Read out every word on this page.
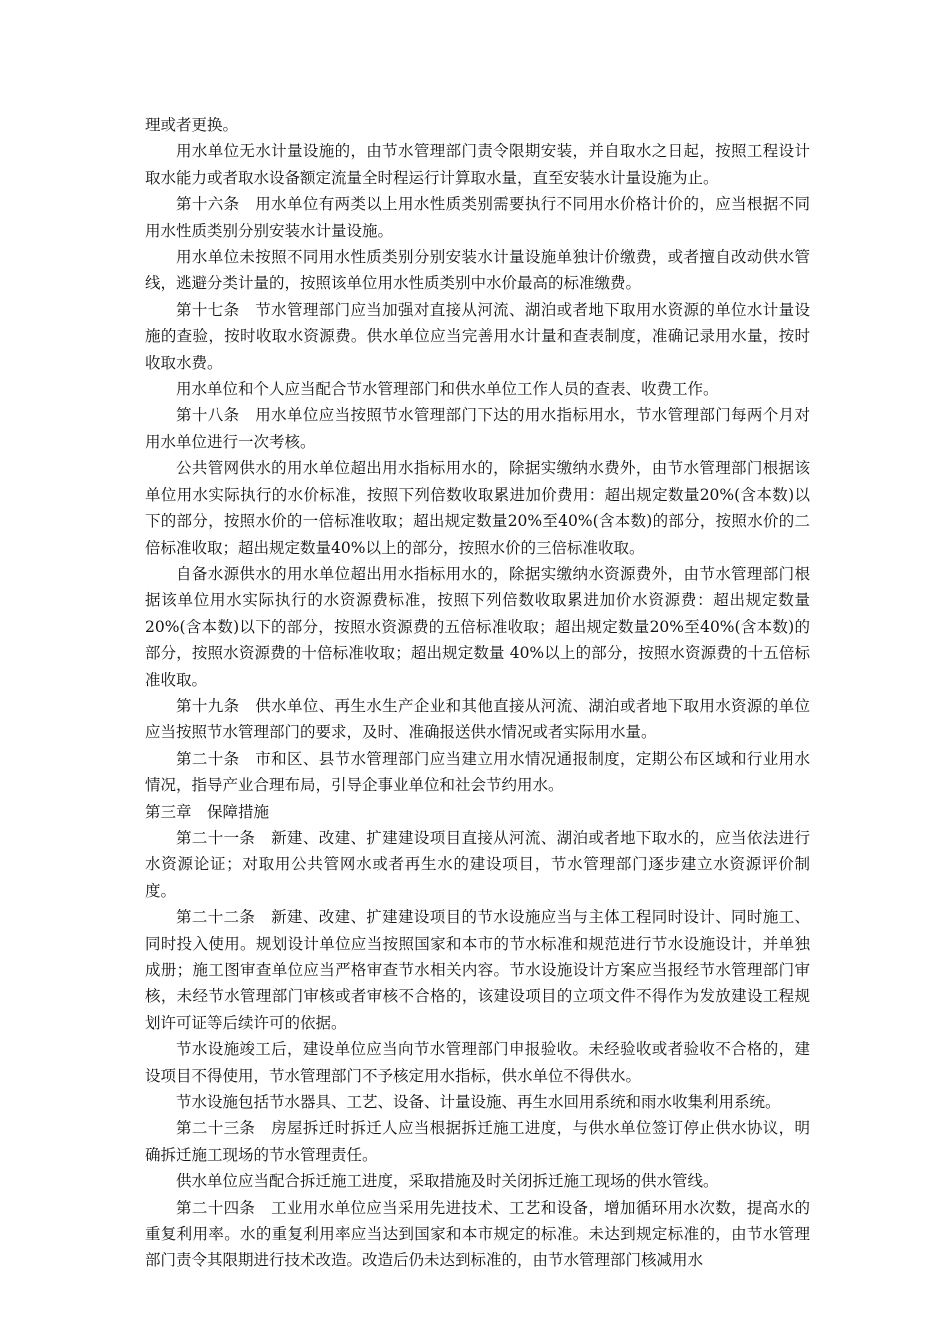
理或者更换。

用水单位无水计量设施的，由节水管理部门责令限期安装，并自取水之日起，按照工程设计取水能力或者取水设备额定流量全时程运行计算取水量，直至安装水计量设施为止。

第十六条　用水单位有两类以上用水性质类别需要执行不同用水价格计价的，应当根据不同用水性质类别分别安装水计量设施。

用水单位未按照不同用水性质类别分别安装水计量设施单独计价缴费，或者擅自改动供水管线，逃避分类计量的，按照该单位用水性质类别中水价最高的标准缴费。

第十七条　节水管理部门应当加强对直接从河流、湖泊或者地下取用水资源的单位水计量设施的查验，按时收取水资源费。供水单位应当完善用水计量和查表制度，准确记录用水量，按时收取水费。

用水单位和个人应当配合节水管理部门和供水单位工作人员的查表、收费工作。

第十八条　用水单位应当按照节水管理部门下达的用水指标用水，节水管理部门每两个月对用水单位进行一次考核。

公共管网供水的用水单位超出用水指标用水的，除据实缴纳水费外，由节水管理部门根据该单位用水实际执行的水价标准，按照下列倍数收取累进加价费用：超出规定数量20%(含本数)以下的部分，按照水价的一倍标准收取；超出规定数量20%至40%(含本数)的部分，按照水价的二倍标准收取；超出规定数量40%以上的部分，按照水价的三倍标准收取。

自备水源供水的用水单位超出用水指标用水的，除据实缴纳水资源费外，由节水管理部门根据该单位用水实际执行的水资源费标准，按照下列倍数收取累进加价水资源费：超出规定数量20%(含本数)以下的部分，按照水资源费的五倍标准收取；超出规定数量20%至40%(含本数)的部分，按照水资源费的十倍标准收取；超出规定数量 40%以上的部分，按照水资源费的十五倍标准收取。

第十九条　供水单位、再生水生产企业和其他直接从河流、湖泊或者地下取用水资源的单位应当按照节水管理部门的要求，及时、准确报送供水情况或者实际用水量。

第二十条　市和区、县节水管理部门应当建立用水情况通报制度，定期公布区域和行业用水情况，指导产业合理布局，引导企事业单位和社会节约用水。

第三章　保障措施

第二十一条　新建、改建、扩建建设项目直接从河流、湖泊或者地下取水的，应当依法进行水资源论证；对取用公共管网水或者再生水的建设项目，节水管理部门逐步建立水资源评价制度。

第二十二条　新建、改建、扩建建设项目的节水设施应当与主体工程同时设计、同时施工、同时投入使用。规划设计单位应当按照国家和本市的节水标准和规范进行节水设施设计，并单独成册；施工图审查单位应当严格审查节水相关内容。节水设施设计方案应当报经节水管理部门审核，未经节水管理部门审核或者审核不合格的，该建设项目的立项文件不得作为发放建设工程规划许可证等后续许可的依据。

节水设施竣工后，建设单位应当向节水管理部门申报验收。未经验收或者验收不合格的，建设项目不得使用，节水管理部门不予核定用水指标，供水单位不得供水。

节水设施包括节水器具、工艺、设备、计量设施、再生水回用系统和雨水收集利用系统。

第二十三条　房屋拆迁时拆迁人应当根据拆迁施工进度，与供水单位签订停止供水协议，明确拆迁施工现场的节水管理责任。

供水单位应当配合拆迁施工进度，采取措施及时关闭拆迁施工现场的供水管线。

第二十四条　工业用水单位应当采用先进技术、工艺和设备，增加循环用水次数，提高水的重复利用率。水的重复利用率应当达到国家和本市规定的标准。未达到规定标准的，由节水管理部门责令其限期进行技术改造。改造后仍未达到标准的，由节水管理部门核减用水
